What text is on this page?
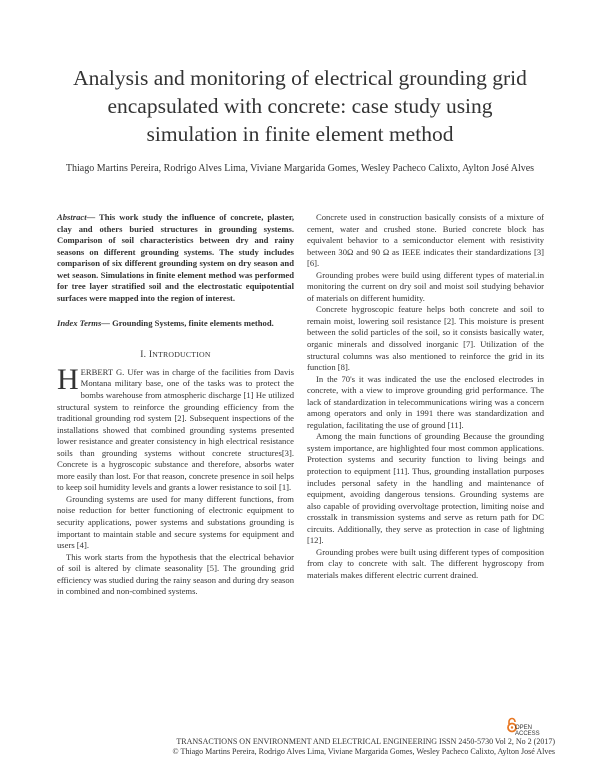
Analysis and monitoring of electrical grounding grid encapsulated with concrete: case study using simulation in finite element method

Thiago Martins Pereira, Rodrigo Alves Lima, Viviane Margarida Gomes, Wesley Pacheco Calixto, Aylton José Alves

Abstract— This work study the influence of concrete, plaster, clay and others buried structures in grounding systems. Comparison of soil characteristics between dry and rainy seasons on different grounding systems. The study includes comparison of six different grounding system on dry season and wet season. Simulations in finite element method was performed for tree layer stratified soil and the electrostatic equipotential surfaces were mapped into the region of interest.

Index Terms— Grounding Systems, finite elements method.

I. INTRODUCTION

HERBERT G. Ufer was in charge of the facilities from Davis Montana military base, one of the tasks was to protect the bombs warehouse from atmospheric discharge [1] He utilized structural system to reinforce the grounding efficiency from the traditional grounding rod system [2]. Subsequent inspections of the installations showed that combined grounding systems presented lower resistance and greater consistency in high electrical resistance soils than grounding systems without concrete structures[3]. Concrete is a hygroscopic substance and therefore, absorbs water more easily than lost. For that reason, concrete presence in soil helps to keep soil humidity levels and grants a lower resistance to soil [1].

Grounding systems are used for many different functions, from noise reduction for better functioning of electronic equipment to security applications, power systems and substations grounding is important to maintain stable and secure systems for equipment and users [4].

This work starts from the hypothesis that the electrical behavior of soil is altered by climate seasonality [5]. The grounding grid efficiency was studied during the rainy season and during dry season in combined and non-combined systems.

Concrete used in construction basically consists of a mixture of cement, water and crushed stone. Buried concrete block has equivalent behavior to a semiconductor element with resistivity between 30Ω and 90 Ω as IEEE indicates their standardizations [3] [6].

Grounding probes were build using different types of material.in monitoring the current on dry soil and moist soil studying behavior of materials on different humidity.

Concrete hygroscopic feature helps both concrete and soil to remain moist, lowering soil resistance [2]. This moisture is present between the solid particles of the soil, so it consists basically water, organic minerals and dissolved inorganic [7]. Utilization of the structural columns was also mentioned to reinforce the grid in its function [8].

In the 70's it was indicated the use the enclosed electrodes in concrete, with a view to improve grounding grid performance. The lack of standardization in telecommunications wiring was a concern among operators and only in 1991 there was standardization and regulation, facilitating the use of ground [11].

Among the main functions of grounding Because the grounding system importance, are highlighted four most common applications. Protection systems and security function to living beings and protection to equipment [11]. Thus, grounding installation purposes includes personal safety in the handling and maintenance of equipment, avoiding dangerous tensions. Grounding systems are also capable of providing overvoltage protection, limiting noise and crosstalk in transmission systems and serve as return path for DC circuits. Additionally, they serve as protection in case of lightning [12].

Grounding probes were built using different types of composition from clay to concrete with salt. The different hygroscopy from materials makes different electric current drained.

OPEN ACCESS
TRANSACTIONS ON ENVIRONMENT AND ELECTRICAL ENGINEERING ISSN 2450-5730 Vol 2, No 2 (2017)
© Thiago Martins Pereira, Rodrigo Alves Lima, Viviane Margarida Gomes, Wesley Pacheco Calixto, Aylton José Alves
